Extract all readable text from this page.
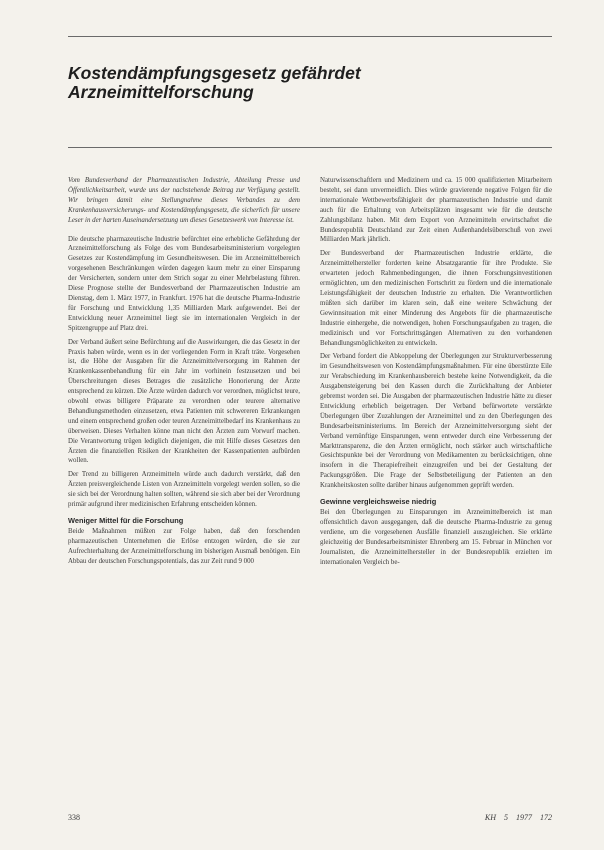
Kostendämpfungsgesetz gefährdet
Arzneimittelforschung

Vom Bundesverband der Pharmazeutischen Industrie, Abteilung Presse und Öffentlichkeitsarbeit, wurde uns der nachstehende Beitrag zur Verfügung gestellt. Wir bringen damit eine Stellungnahme dieses Verbandes zu dem Krankenhausversicherungs- und Kostendämpfungsgesetz, die sicherlich für unsere Leser in der harten Auseinandersetzung um dieses Gesetzeswerk von Interesse ist.

Die deutsche pharmazeutische Industrie befürchtet eine erhebliche Gefährdung der Arzneimittelforschung als Folge des vom Bundesarbeitsministerium vorgelegten Gesetzes zur Kostendämpfung im Gesundheitswesen. Die im Arzneimittelbereich vorgesehenen Beschränkungen würden dagegen kaum mehr zu einer Einsparung der Versicherten, sondern unter dem Strich sogar zu einer Mehrbelastung führen. Diese Prognose stellte der Bundesverband der Pharmazeutischen Industrie am Dienstag, dem 1. März 1977, in Frankfurt. 1976 hat die deutsche Pharma-Industrie für Forschung und Entwicklung 1,35 Milliarden Mark aufgewendet. Bei der Entwicklung neuer Arzneimittel liegt sie im internationalen Vergleich in der Spitzengruppe auf Platz drei.

Der Verband äußert seine Befürchtung auf die Auswirkungen, die das Gesetz in der Praxis haben würde, wenn es in der vorliegenden Form in Kraft träte. Vorgesehen ist, die Höhe der Ausgaben für die Arzneimittelversorgung im Rahmen der Krankenkassenbehandlung für ein Jahr im vorhinein festzusetzen und bei Überschreitungen dieses Betrages die zusätzliche Honorierung der Ärzte entsprechend zu kürzen. Die Ärzte würden dadurch vor verordnen, möglichst teure, obwohl etwas billigere Präparate zu verordnen oder teurere alternative Behandlungsmethoden einzusetzen, etwa Patienten mit schwereren Erkrankungen und einem entsprechend großen oder teuren Arzneimittelbedarf ins Krankenhaus zu überweisen. Dieses Verhalten könne man nicht den Ärzten zum Vorwurf machen. Die Verantwortung trügen lediglich diejenigen, die mit Hilfe dieses Gesetzes den Ärzten die finanziellen Risiken der Krankheiten der Kassenpatienten aufbürden wollen.

Der Trend zu billigeren Arzneimitteln würde auch dadurch verstärkt, daß den Ärzten preisvergleichende Listen von Arzneimitteln vorgelegt werden sollen, so die sie sich bei der Verordnung halten sollten, während sie sich aber bei der Verordnung primär aufgrund ihrer medizinischen Erfahrung entscheiden können.

Weniger Mittel für die Forschung

Beide Maßnahmen müßten zur Folge haben, daß den forschenden pharmazeutischen Unternehmen die Erlöse entzogen würden, die sie zur Aufrechterhaltung der Arzneimittelforschung im bisherigen Ausmaß benötigen. Ein Abbau der deutschen Forschungspotentials, das zur Zeit rund 9 000

Naturwissenschaftlern und Medizinern und ca. 15 000 qualifizierten Mitarbeitern besteht, sei dann unvermeidlich. Dies würde gravierende negative Folgen für die internationale Wettbewerbsfähigkeit der pharmazeutischen Industrie und damit auch für die Erhaltung von Arbeitsplätzen insgesamt wie für die deutsche Zahlungsbilanz haben. Mit dem Export von Arzneimitteln erwirtschaftet die Bundesrepublik Deutschland zur Zeit einen Außenhandelsüberschuß von zwei Milliarden Mark jährlich.

Der Bundesverband der Pharmazeutischen Industrie erklärte, die Arzneimittelhersteller forderten keine Absatzgarantie für ihre Produkte. Sie erwarteten jedoch Rahmenbedingungen, die ihnen Forschungsinvestitionen ermöglichten, um den medizinischen Fortschritt zu fördern und die internationale Leistungsfähigkeit der deutschen Industrie zu erhalten. Die Verantwortlichen müßten sich darüber im klaren sein, daß eine weitere Schwächung der Gewinnsituation mit einer Minderung des Angebots für die pharmazeutische Industrie einhergehe, die notwendigen, hohen Forschungsaufgaben zu tragen, die medizinisch und vor Fortschrittsgängen Alternativen zu den vorhandenen Behandlungsmöglichkeiten zu entwickeln.

Der Verband fordert die Abkoppelung der Überlegungen zur Strukturverbesserung im Gesundheitswesen von Kostendämpfungsmaßnahmen. Für eine überstürzte Eile zur Verabschiedung im Krankenhausbereich bestehe keine Notwendigkeit, da die Ausgabensteigerung bei den Kassen durch die Zurückhaltung der Anbieter gebremst worden sei. Die Ausgaben der pharmazeutischen Industrie hätte zu dieser Entwicklung erheblich beigetragen. Der Verband befürwortete verstärkte Überlegungen über Zuzahlungen der Arzneimittel und zu den Überlegungen des Bundesarbeitsministeriums. Im Bereich der Arzneimittelversorgung sieht der Verband vernünftige Einsparungen, wenn entweder durch eine Verbesserung der Markttransparenz, die den Ärzten ermöglicht, noch stärker auch wirtschaftliche Gesichtspunkte bei der Verordnung von Medikamenten zu berücksichtigen, ohne insofern in die Therapiefreiheit einzugreifen und bei der Gestaltung der Packungsgrößen. Die Frage der Selbstbeteiligung der Patienten an den Krankheitskosten sollte darüber hinaus aufgenommen geprüft werden.

Gewinne vergleichsweise niedrig

Bei den Überlegungen zu Einsparungen im Arzneimittelbereich ist man offensichtlich davon ausgegangen, daß die deutsche Pharma-Industrie zu genug verdiene, um die vorgesehenen Ausfälle finanziell auszugleichen. Sie erklärte gleichzeitig der Bundesarbeitsminister Ehrenberg am 15. Februar in München vor Journalisten, die Arzneimittelhersteller in der Bundesrepublik erzielten im internationalen Vergleich be-

338	KH 5 1977 172
